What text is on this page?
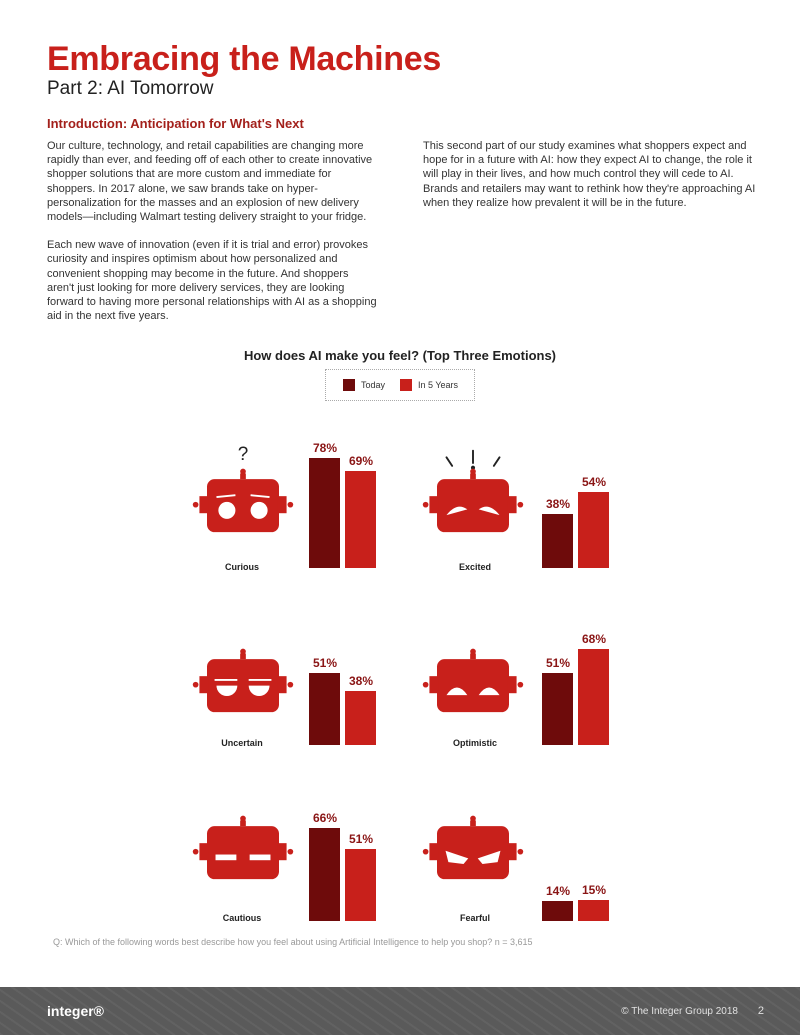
Embracing the Machines
Part 2: AI Tomorrow
Introduction: Anticipation for What's Next

Our culture, technology, and retail capabilities are changing more rapidly than ever, and feeding off of each other to create innovative shopper solutions that are more custom and immediate for shoppers. In 2017 alone, we saw brands take on hyper-personalization for the masses and an explosion of new delivery models—including Walmart testing delivery straight to your fridge.

Each new wave of innovation (even if it is trial and error) provokes curiosity and inspires optimism about how personalized and convenient shopping may become in the future. And shoppers aren't just looking for more delivery services, they are looking forward to having more personal relationships with AI as a shopping aid in the next five years.

This second part of our study examines what shoppers expect and hope for in a future with AI: how they expect AI to change, the role it will play in their lives, and how much control they will cede to AI. Brands and retailers may want to rethink how they're approaching AI when they realize how prevalent it will be in the future.

How does AI make you feel? (Top Three Emotions)
Today	In 5 Years
?
Curious
78%
69%
Excited
38%
54%
Uncertain
51%
38%
Optimistic
51%
68%
Cautious
66%
51%
Fearful
14% 15%
Q: Which of the following words best describe how you feel about using Artificial Intelligence to help you shop? n = 3,615
integer®	© The Integer Group 2018 2
